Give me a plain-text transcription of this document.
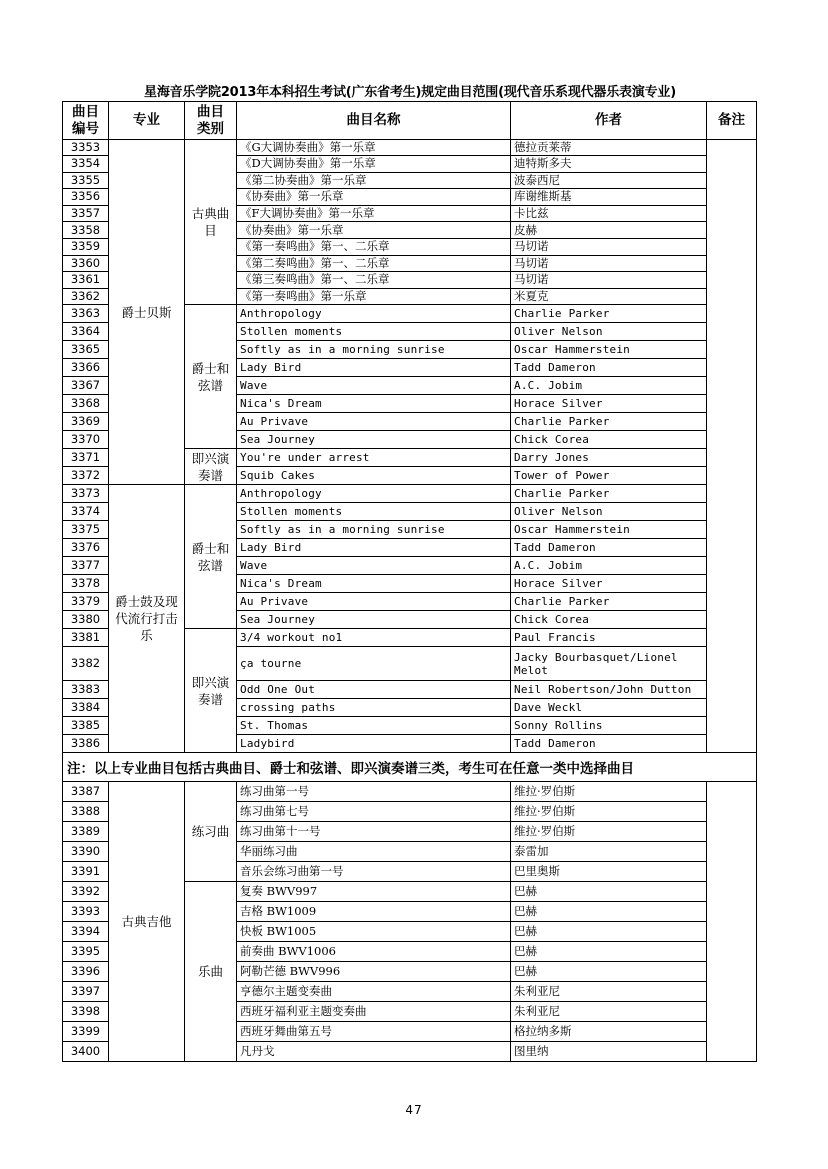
星海音乐学院2013年本科招生考试(广东省考生)规定曲目范围(现代音乐系现代器乐表演专业)
曲目编号	专业	曲目类别	曲目名称	作者	备注
3353	爵士贝斯	古典曲目	《G大调协奏曲》第一乐章	德拉贡莱蒂	
3354			《D大调协奏曲》第一乐章	迪特斯多夫	
3355			《第二协奏曲》第一乐章	波泰西尼	
3356			《协奏曲》第一乐章	库谢维斯基	
3357			《F大调协奏曲》第一乐章	卡比兹	
3358			《协奏曲》第一乐章	皮赫	
3359			《第一奏鸣曲》第一、二乐章	马切诺	
3360			《第二奏鸣曲》第一、二乐章	马切诺	
3361			《第三奏鸣曲》第一、二乐章	马切诺	
3362			《第一奏鸣曲》第一乐章	米夏克	
3363		爵士和弦谱	Anthropology	Charlie Parker	
3364			Stollen moments	Oliver Nelson	
3365			Softly as in a morning sunrise	Oscar Hammerstein	
3366			Lady Bird	Tadd Dameron	
3367			Wave	A.C. Jobim	
3368			Nica's Dream	Horace Silver	
3369			Au Privave	Charlie Parker	
3370			Sea Journey	Chick Corea	
3371		即兴演奏谱	You're under arrest	Darry Jones	
3372			Squib Cakes	Tower of Power	
3373	爵士鼓及现代流行打击乐	爵士和弦谱	Anthropology	Charlie Parker	
3374			Stollen moments	Oliver Nelson	
3375			Softly as in a morning sunrise	Oscar Hammerstein	
3376			Lady Bird	Tadd Dameron	
3377			Wave	A.C. Jobim	
3378			Nica's Dream	Horace Silver	
3379			Au Privave	Charlie Parker	
3380			Sea Journey	Chick Corea	
3381		即兴演奏谱	3/4 workout no1	Paul Francis	
3382			ça tourne	Jacky Bourbasquet/Lionel Melot	
3383			Odd One Out	Neil Robertson/John Dutton	
3384			crossing paths	Dave Weckl	
3385			St. Thomas	Sonny Rollins	
3386			Ladybird	Tadd Dameron	
注：以上专业曲目包括古典曲目、爵士和弦谱、即兴演奏谱三类，考生可在任意一类中选择曲目					
3387	古典吉他	练习曲	练习曲第一号	维拉·罗伯斯	
3388			练习曲第七号	维拉·罗伯斯	
3389			练习曲第十一号	维拉·罗伯斯	
3390			华丽练习曲	泰雷加	
3391			音乐会练习曲第一号	巴里奥斯	
3392		乐曲	复奏 BWV997	巴赫	
3393			吉格 BW1009	巴赫	
3394			快板 BW1005	巴赫	
3395			前奏曲 BWV1006	巴赫	
3396			阿勒芒德 BWV996	巴赫	
3397			亨德尔主题变奏曲	朱利亚尼	
3398			西班牙福利亚主题变奏曲	朱利亚尼	
3399			西班牙舞曲第五号	格拉纳多斯	
3400			凡丹戈	图里纳	
47
